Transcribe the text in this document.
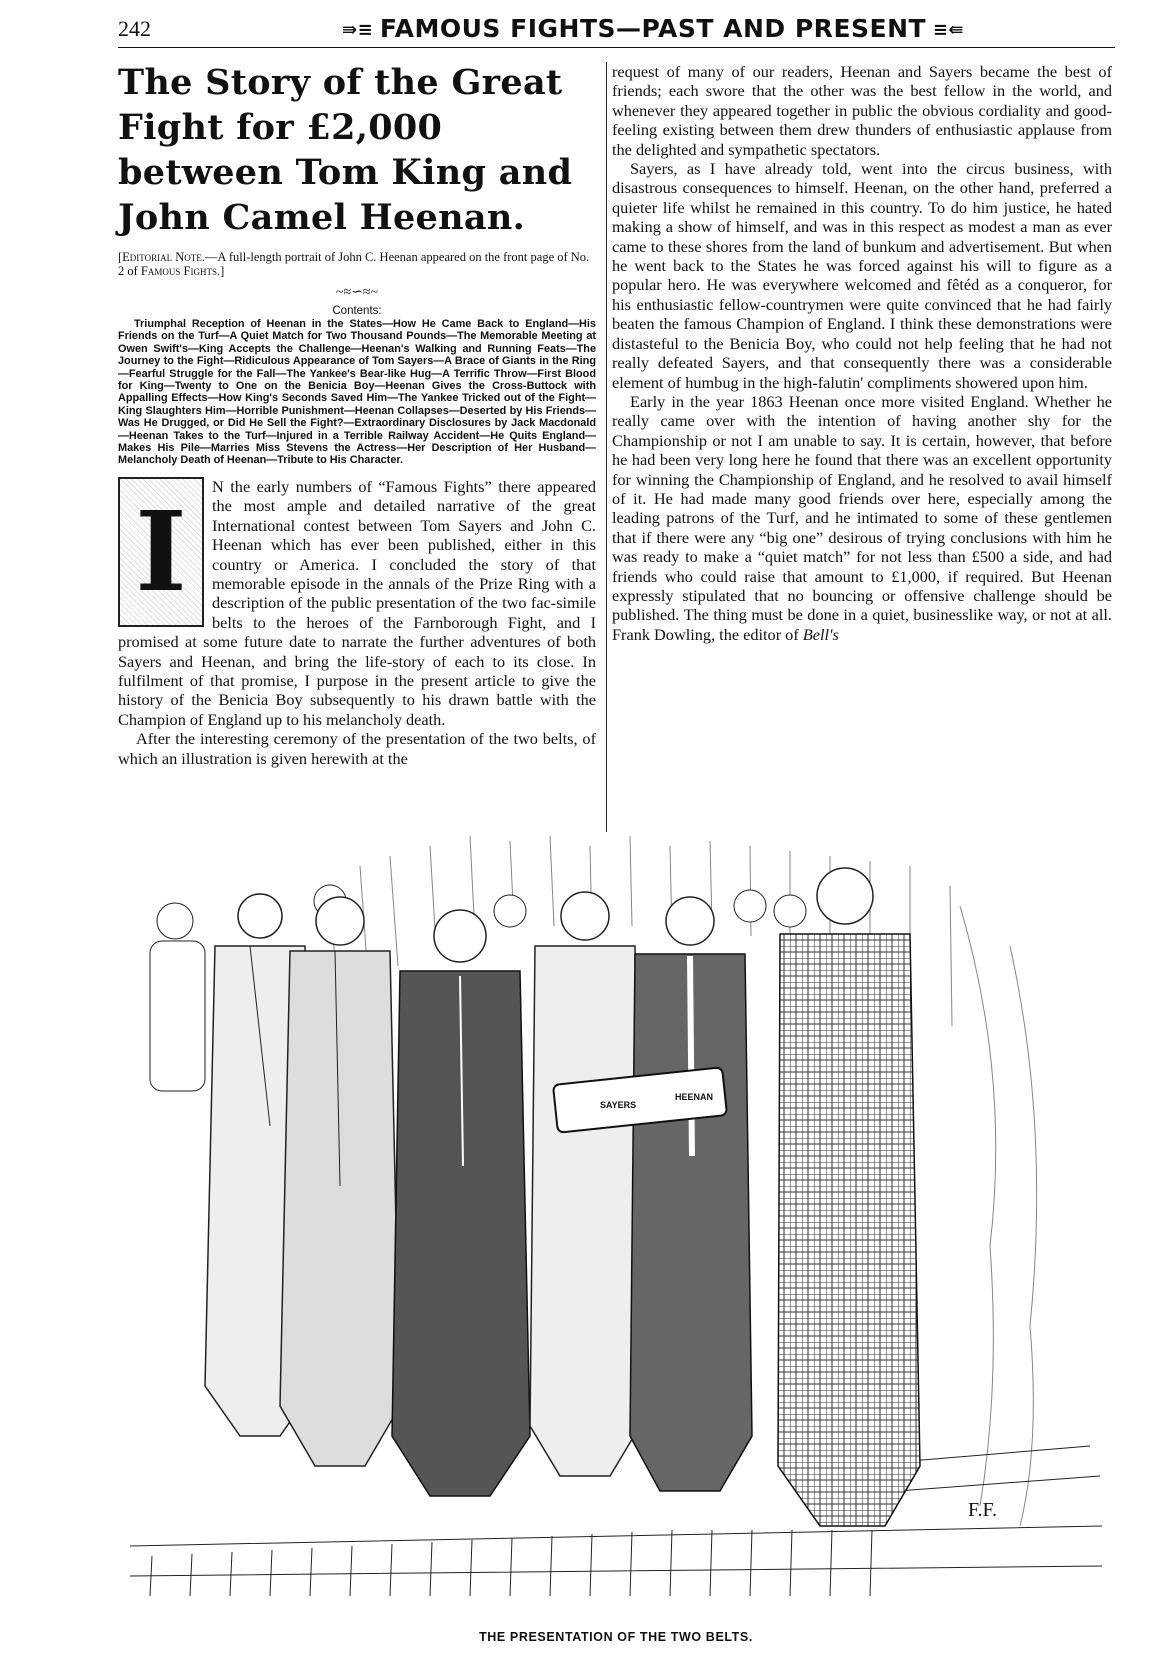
242	⇛≡ FAMOUS FIGHTS—PAST AND PRESENT ≡⇚
The Story of the Great Fight for £2,000 between Tom King and John Camel Heenan.

[Editorial Note.—A full-length portrait of John C. Heenan appeared on the front page of No. 2 of Famous Fights.]

~≈∽≈~
Contents:

Triumphal Reception of Heenan in the States—How He Came Back to England—His Friends on the Turf—A Quiet Match for Two Thousand Pounds—The Memorable Meeting at Owen Swift's—King Accepts the Challenge—Heenan's Walking and Running Feats—The Journey to the Fight—Ridiculous Appearance of Tom Sayers—A Brace of Giants in the Ring—Fearful Struggle for the Fall—The Yankee's Bear-like Hug—A Terrific Throw—First Blood for King—Twenty to One on the Benicia Boy—Heenan Gives the Cross-Buttock with Appalling Effects—How King's Seconds Saved Him—The Yankee Tricked out of the Fight—King Slaughters Him—Horrible Punishment—Heenan Collapses—Deserted by His Friends—Was He Drugged, or Did He Sell the Fight?—Extraordinary Disclosures by Jack Macdonald—Heenan Takes to the Turf—Injured in a Terrible Railway Accident—He Quits England—Makes His Pile—Marries Miss Stevens the Actress—Her Description of Her Husband—Melancholy Death of Heenan—Tribute to His Character.

I

N the early numbers of “Famous Fights” there appeared the most ample and detailed narrative of the great International contest between Tom Sayers and John C. Heenan which has ever been published, either in this country or America. I concluded the story of that memorable episode in the annals of the Prize Ring with a description of the public presentation of the two fac-simile belts to the heroes of the Farnborough Fight, and I promised at some future date to narrate the further adventures of both Sayers and Heenan, and bring the life-story of each to its close. In fulfilment of that promise, I purpose in the present article to give the history of the Benicia Boy subsequently to his drawn battle with the Champion of England up to his melancholy death.

After the interesting ceremony of the presentation of the two belts, of which an illustration is given herewith at the

request of many of our readers, Heenan and Sayers became the best of friends; each swore that the other was the best fellow in the world, and whenever they appeared together in public the obvious cordiality and good-feeling existing between them drew thunders of enthusiastic applause from the delighted and sympathetic spectators.

Sayers, as I have already told, went into the circus business, with disastrous consequences to himself. Heenan, on the other hand, preferred a quieter life whilst he remained in this country. To do him justice, he hated making a show of himself, and was in this respect as modest a man as ever came to these shores from the land of bunkum and advertisement. But when he went back to the States he was forced against his will to figure as a popular hero. He was everywhere welcomed and fêtéd as a conqueror, for his enthusiastic fellow-countrymen were quite convinced that he had fairly beaten the famous Champion of England. I think these demonstrations were distasteful to the Benicia Boy, who could not help feeling that he had not really defeated Sayers, and that consequently there was a considerable element of humbug in the high-falutin' compliments showered upon him.

Early in the year 1863 Heenan once more visited England. Whether he really came over with the intention of having another shy for the Championship or not I am unable to say. It is certain, however, that before he had been very long here he found that there was an excellent opportunity for winning the Championship of England, and he resolved to avail himself of it. He had made many good friends over here, especially among the leading patrons of the Turf, and he intimated to some of these gentlemen that if there were any “big one” desirous of trying conclusions with him he was ready to make a “quiet match” for not less than £500 a side, and had friends who could raise that amount to £1,000, if required. But Heenan expressly stipulated that no bouncing or offensive challenge should be published. The thing must be done in a quiet, businesslike way, or not at all. Frank Dowling, the editor of Bell's

SAYERS
HEENAN
F.F.
THE PRESENTATION OF THE TWO BELTS.
